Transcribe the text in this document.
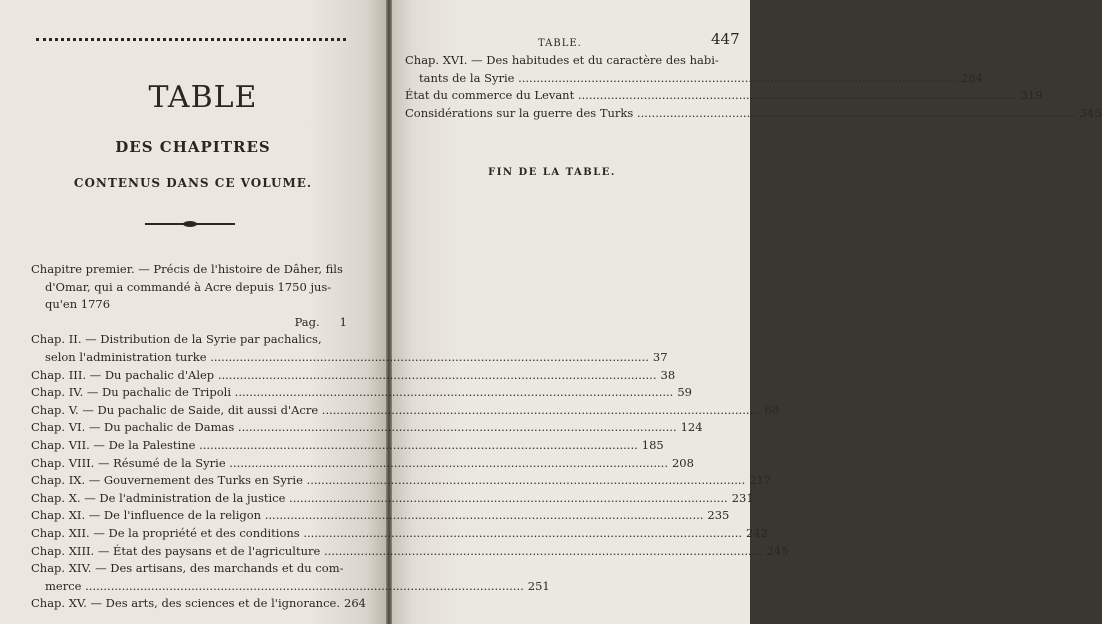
TABLE
DES CHAPITRES
CONTENUS DANS CE VOLUME.
Chapitre premier. — Précis de l'histoire de Dâher, fils
d'Omar, qui a commandé à Acre depuis 1750 jus-
qu'en 1776
Pag.	1
Chap. II. — Distribution de la Syrie par pachalics,
selon l'administration turke ........................................................................................................................ 37
Chap. III. — Du pachalic d'Alep ........................................................................................................................ 38
Chap. IV. — Du pachalic de Tripoli ........................................................................................................................ 59
Chap. V. — Du pachalic de Saide, dit aussi d'Acre ........................................................................................................................ 68
Chap. VI. — Du pachalic de Damas ........................................................................................................................ 124
Chap. VII. — De la Palestine ........................................................................................................................ 185
Chap. VIII. — Résumé de la Syrie ........................................................................................................................ 208
Chap. IX. — Gouvernement des Turks en Syrie ........................................................................................................................ 217
Chap. X. — De l'administration de la justice ........................................................................................................................ 231
Chap. XI. — De l'influence de la religon ........................................................................................................................ 235
Chap. XII. — De la propriété et des conditions ........................................................................................................................ 242
Chap. XIII. — État des paysans et de l'agriculture ........................................................................................................................ 245
Chap. XIV. — Des artisans, des marchands et du com-
merce ........................................................................................................................ 251
Chap. XV. — Des arts, des sciences et de l'ignorance. 264
TABLE.	447
Chap. XVI. — Des habitudes et du caractère des habi-
tants de la Syrie ........................................................................................................................ 284
État du commerce du Levant ........................................................................................................................ 319
Considérations sur la guerre des Turks ........................................................................................................................ 345
FIN DE LA TABLE.
